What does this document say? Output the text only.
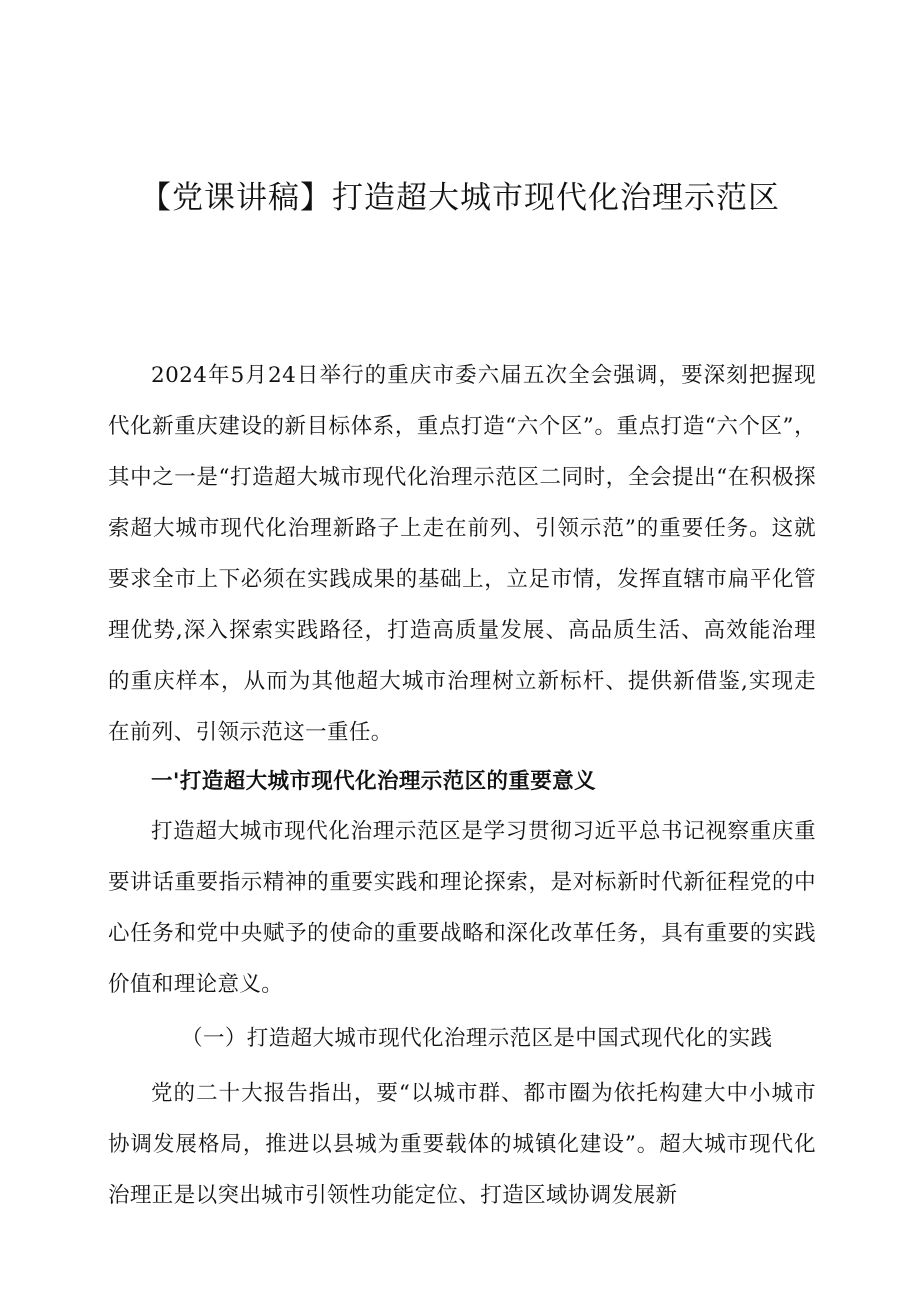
【党课讲稿】打造超大城市现代化治理示范区

2024年5月24日举行的重庆市委六届五次全会强调，要深刻把握现代化新重庆建设的新目标体系，重点打造“六个区”。重点打造“六个区”，其中之一是“打造超大城市现代化治理示范区二同时，全会提出“在积极探索超大城市现代化治理新路子上走在前列、引领示范”的重要任务。这就要求全市上下必须在实践成果的基础上，立足市情，发挥直辖市扁平化管理优势,深入探索实践路径，打造高质量发展、高品质生活、高效能治理的重庆样本，从而为其他超大城市治理树立新标杆、提供新借鉴,实现走在前列、引领示范这一重任。

一'打造超大城市现代化治理示范区的重要意义

打造超大城市现代化治理示范区是学习贯彻习近平总书记视察重庆重要讲话重要指示精神的重要实践和理论探索，是对标新时代新征程党的中心任务和党中央赋予的使命的重要战略和深化改革任务，具有重要的实践价值和理论意义。

（一）打造超大城市现代化治理示范区是中国式现代化的实践

党的二十大报告指出，要“以城市群、都市圈为依托构建大中小城市协调发展格局，推进以县城为重要载体的城镇化建设”。超大城市现代化治理正是以突出城市引领性功能定位、打造区域协调发展新
